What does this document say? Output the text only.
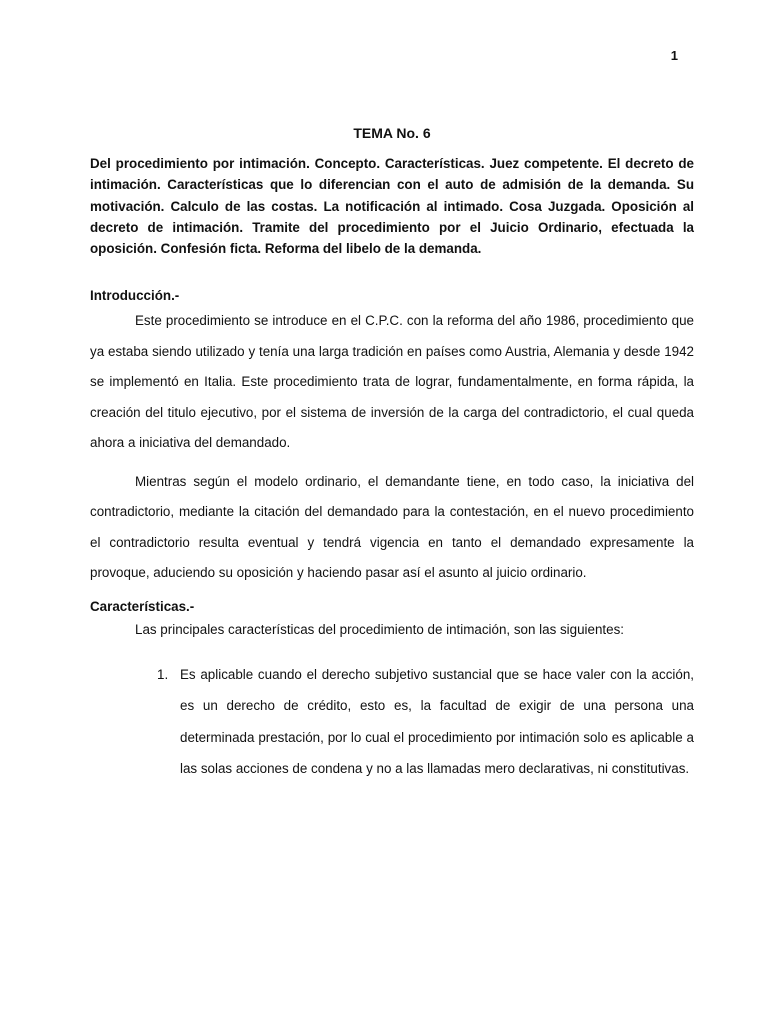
1

TEMA No. 6

Del procedimiento por intimación. Concepto. Características. Juez competente. El decreto de intimación. Características que lo diferencian con el auto de admisión de la demanda. Su motivación. Calculo de las costas. La notificación al intimado. Cosa Juzgada. Oposición al decreto de intimación. Tramite del procedimiento por el Juicio Ordinario, efectuada la oposición. Confesión ficta. Reforma del libelo de la demanda.

Introducción.-

Este procedimiento se introduce en el C.P.C. con la reforma del año 1986, procedimiento que ya estaba siendo utilizado y tenía una larga tradición en países como Austria, Alemania y desde 1942 se implementó en Italia. Este procedimiento trata de lograr, fundamentalmente, en forma rápida, la creación del titulo ejecutivo, por el sistema de inversión de la carga del contradictorio, el cual queda ahora a iniciativa del demandado.

Mientras según el modelo ordinario, el demandante tiene, en todo caso, la iniciativa del contradictorio, mediante la citación del demandado para la contestación, en el nuevo procedimiento el contradictorio resulta eventual y tendrá vigencia en tanto el demandado expresamente la provoque, aduciendo su oposición y haciendo pasar así el asunto al juicio ordinario.

Características.-

Las principales características del procedimiento de intimación, son las siguientes:

1. Es aplicable cuando el derecho subjetivo sustancial que se hace valer con la acción, es un derecho de crédito, esto es, la facultad de exigir de una persona una determinada prestación, por lo cual el procedimiento por intimación solo es aplicable a las solas acciones de condena y no a las llamadas mero declarativas, ni constitutivas.
